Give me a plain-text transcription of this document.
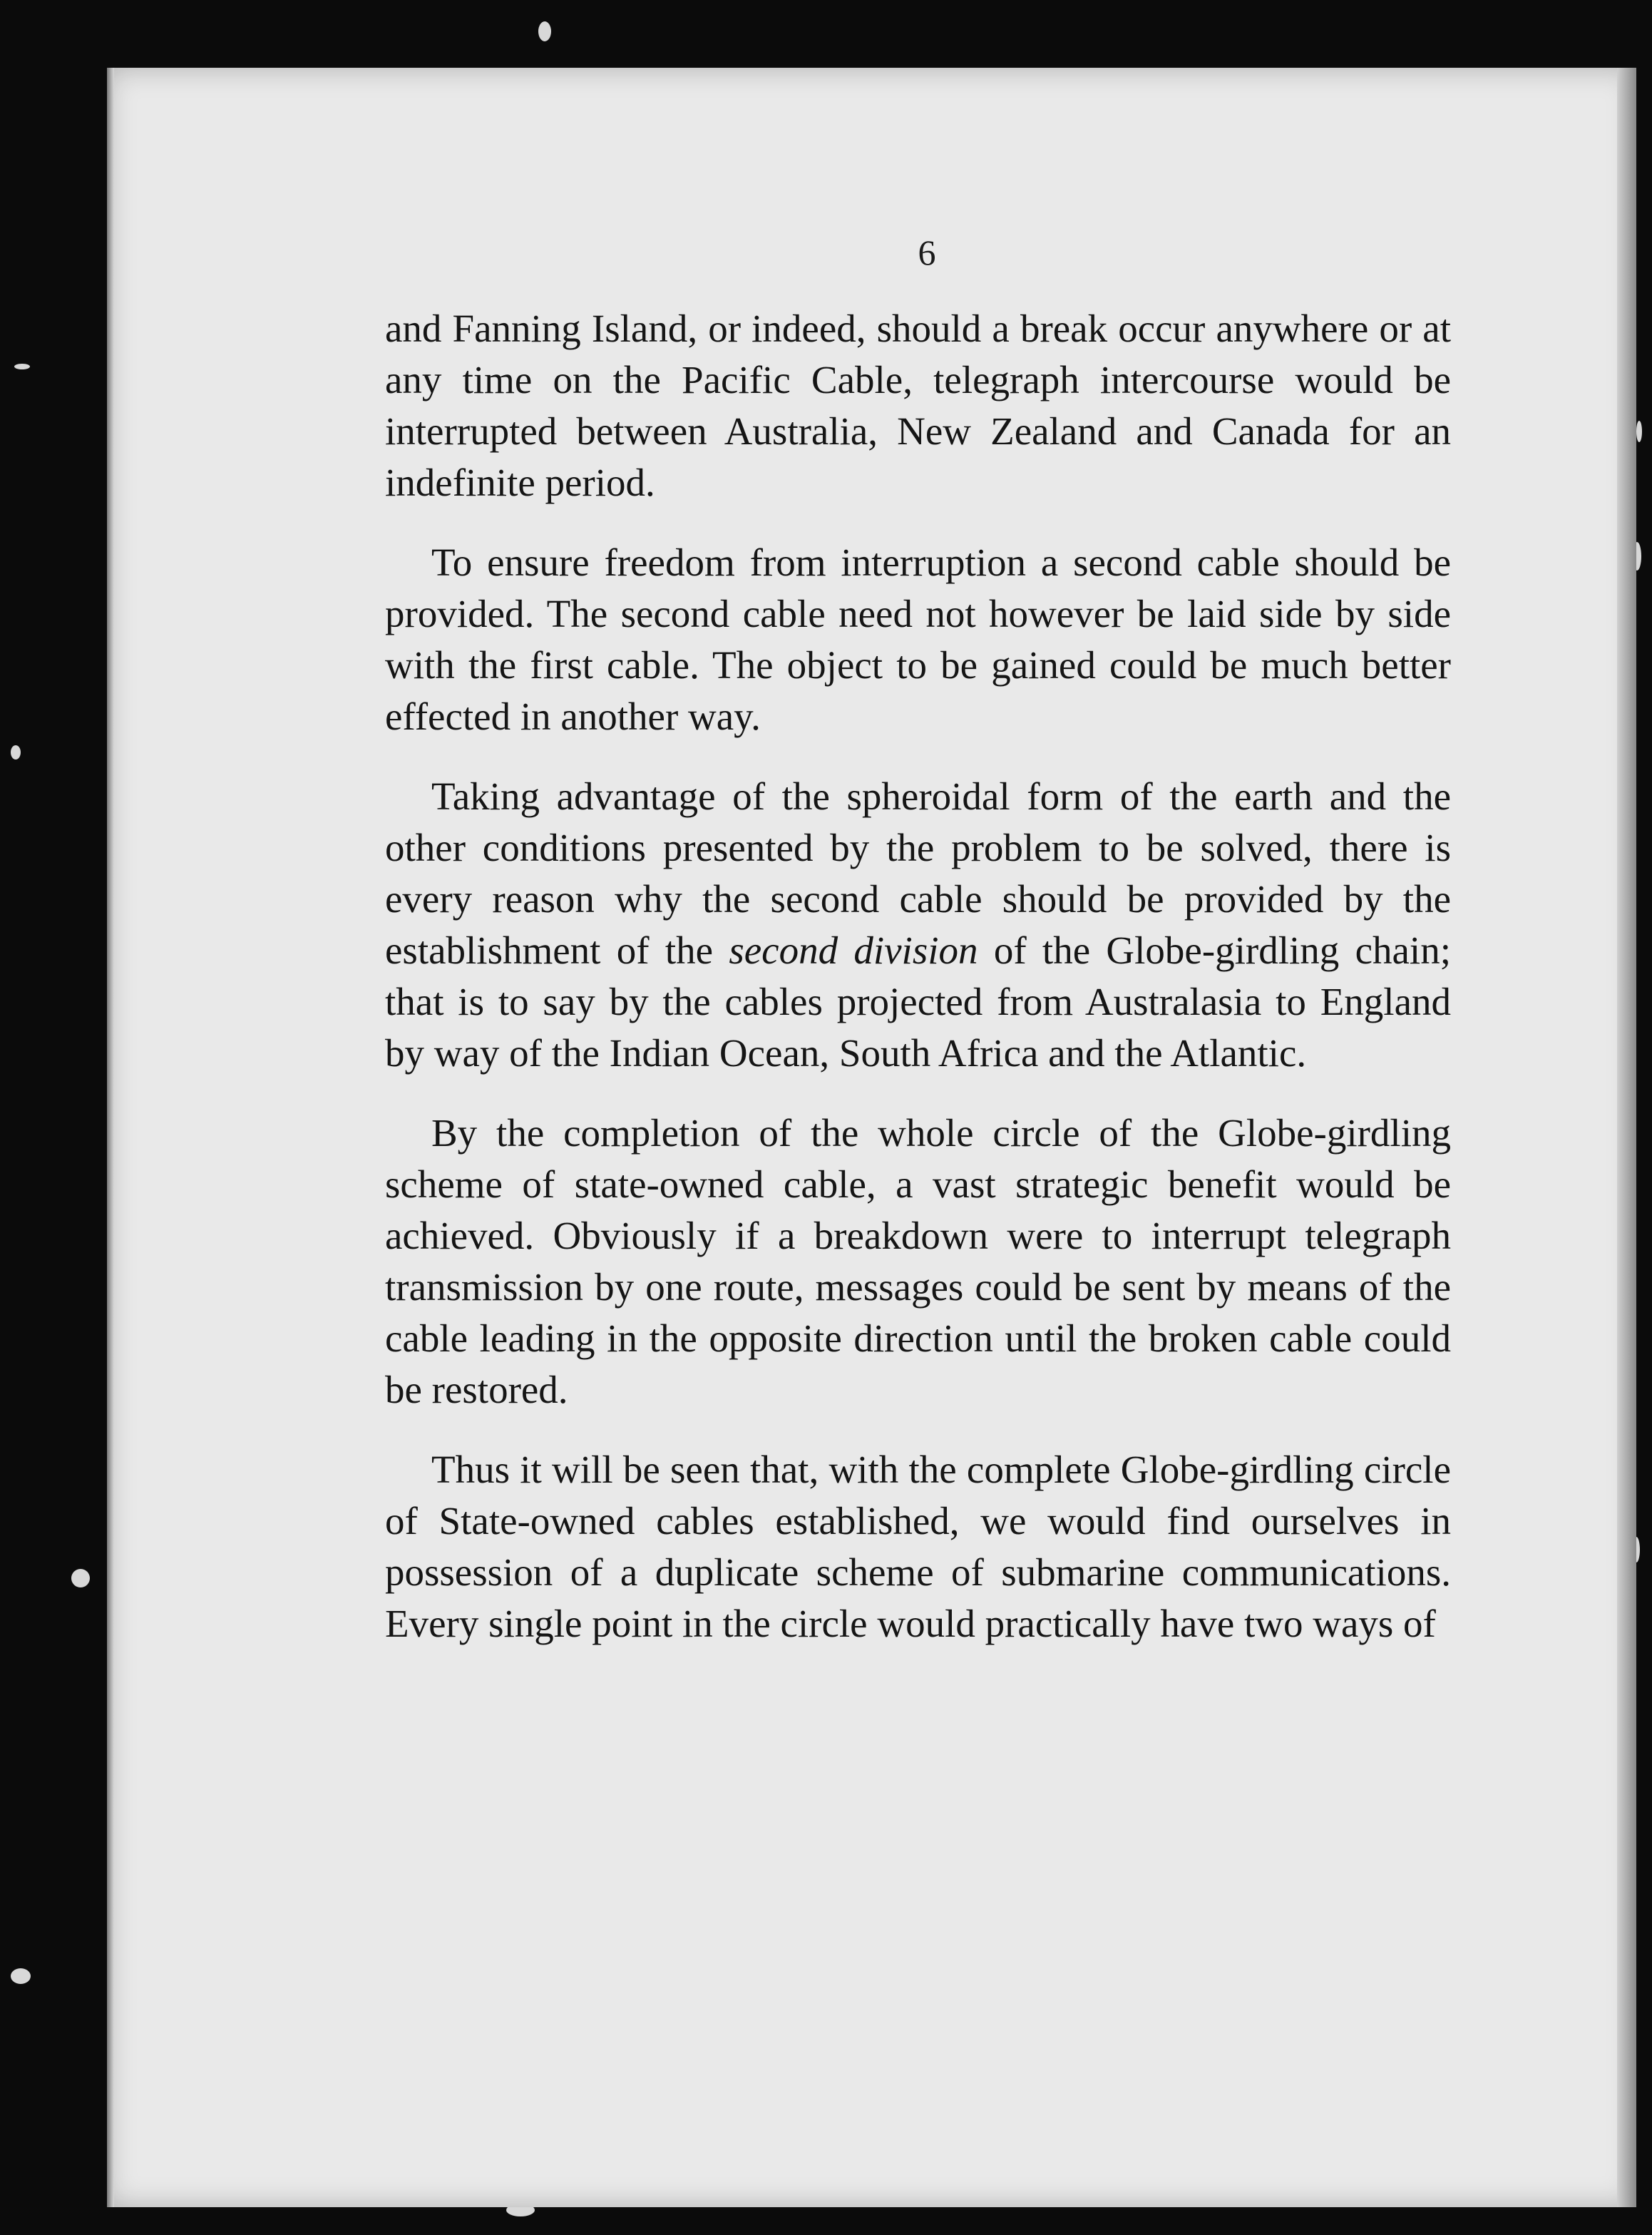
6

and Fanning Island, or indeed, should a break occur anywhere or at any time on the Pacific Cable, telegraph intercourse would be interrupted between Australia, New Zealand and Canada for an indefinite period.

To ensure freedom from interruption a second cable should be provided. The second cable need not however be laid side by side with the first cable. The object to be gained could be much better effected in another way.

Taking advantage of the spheroidal form of the earth and the other conditions presented by the problem to be solved, there is every reason why the second cable should be provided by the establishment of the second division of the Globe-girdling chain; that is to say by the cables projected from Australasia to England by way of the Indian Ocean, South Africa and the Atlantic.

By the completion of the whole circle of the Globe-girdling scheme of state-owned cable, a vast strategic benefit would be achieved. Obviously if a breakdown were to interrupt telegraph transmission by one route, messages could be sent by means of the cable leading in the opposite direction until the broken cable could be restored.

Thus it will be seen that, with the complete Globe-girdling circle of State-owned cables established, we would find ourselves in possession of a duplicate scheme of submarine communications. Every single point in the circle would practically have two ways of
